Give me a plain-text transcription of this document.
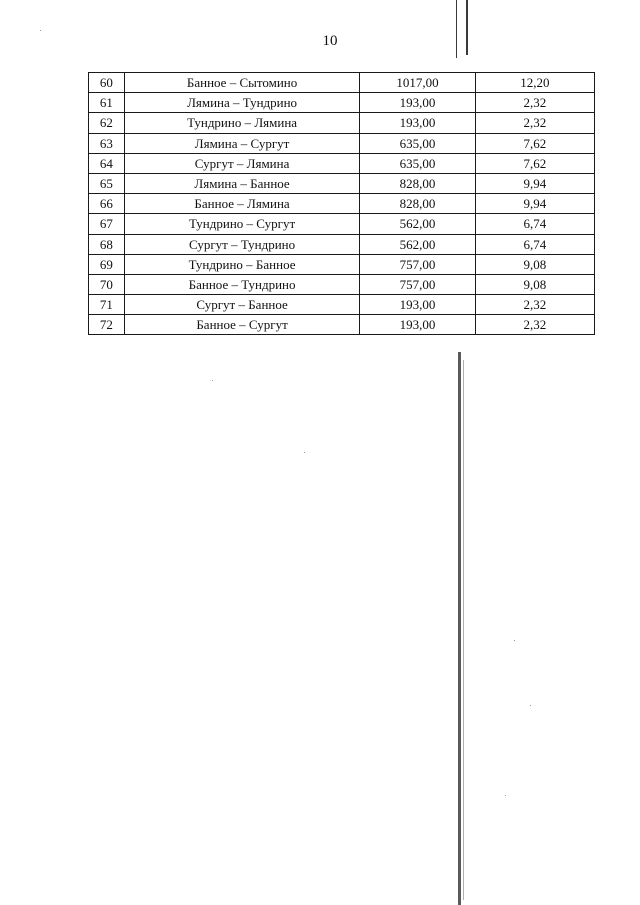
10
60	Банное – Сытомино	1017,00	12,20
61	Лямина – Тундрино	193,00	2,32
62	Тундрино – Лямина	193,00	2,32
63	Лямина – Сургут	635,00	7,62
64	Сургут – Лямина	635,00	7,62
65	Лямина – Банное	828,00	9,94
66	Банное – Лямина	828,00	9,94
67	Тундрино – Сургут	562,00	6,74
68	Сургут – Тундрино	562,00	6,74
69	Тундрино – Банное	757,00	9,08
70	Банное – Тундрино	757,00	9,08
71	Сургут – Банное	193,00	2,32
72	Банное – Сургут	193,00	2,32
